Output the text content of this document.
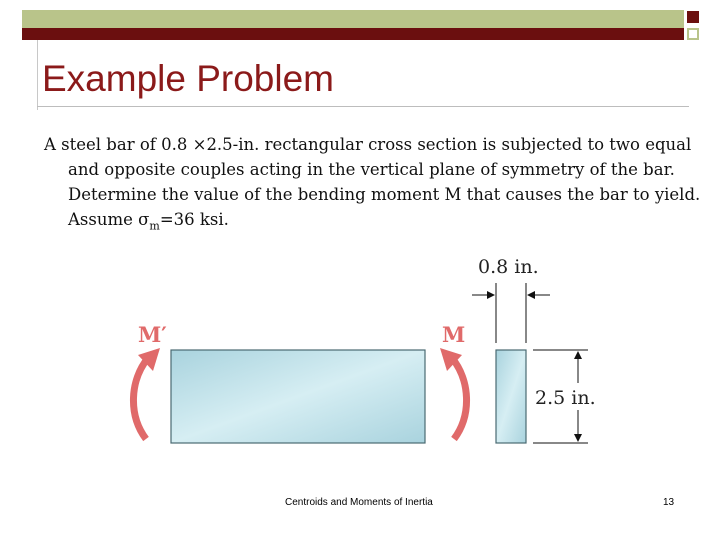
Example Problem

A steel bar of 0.8 ×2.5-in. rectangular cross section is subjected to two equal and opposite couples acting in the vertical plane of symmetry of the bar. Determine the value of the bending moment M that causes the bar to yield. Assume $\sigma_m=36$ ksi.

M′	M
0.8 in.
2.5 in.
Centroids and Moments of Inertia	13
